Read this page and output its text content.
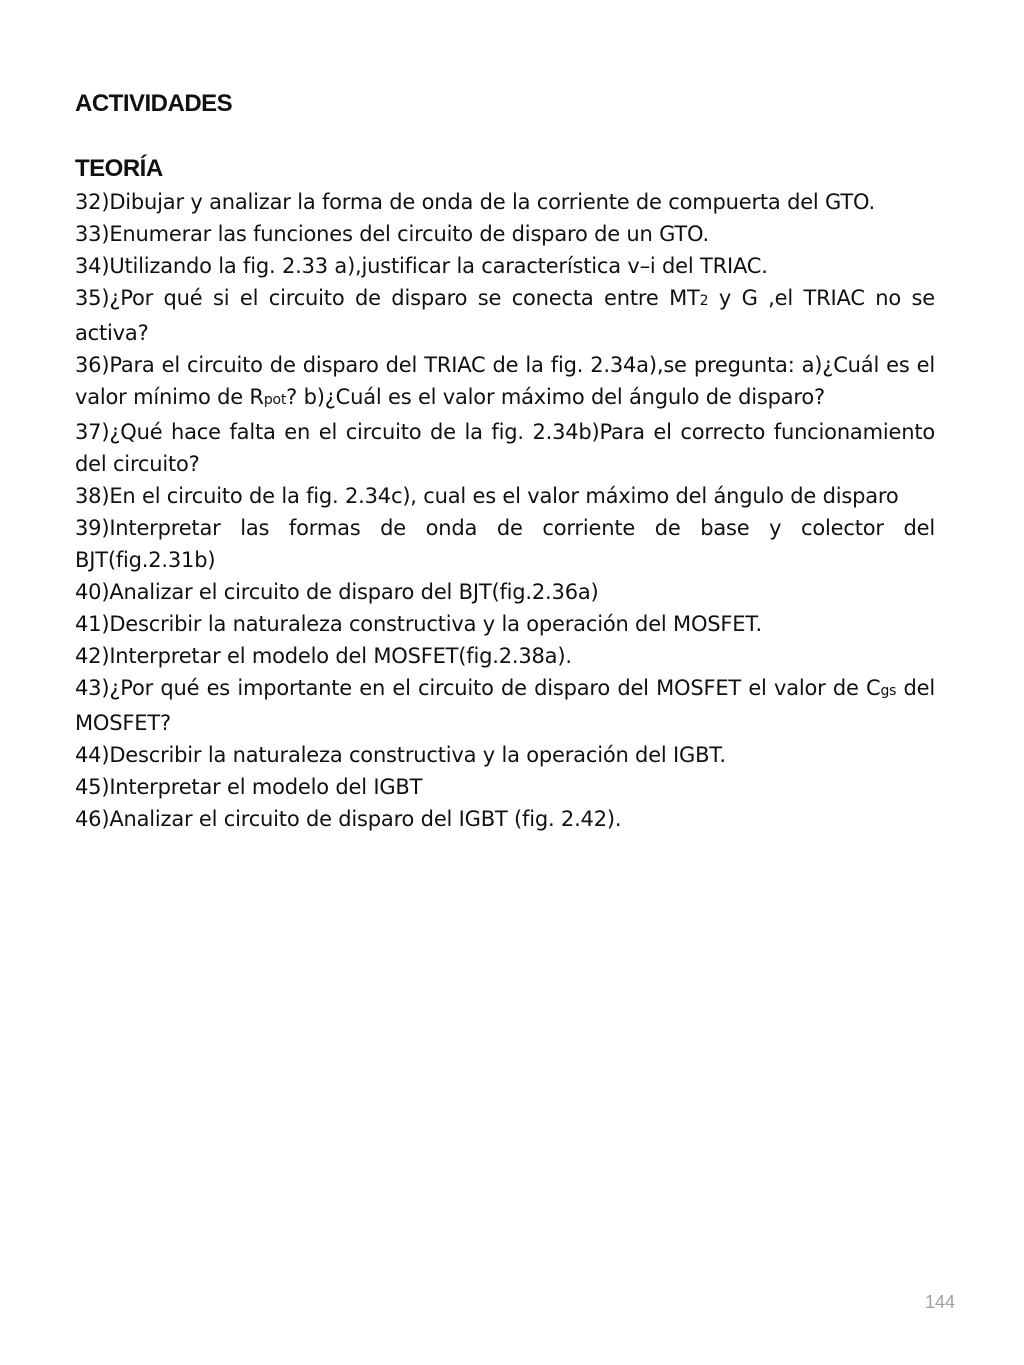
ACTIVIDADES
TEORÍA
32)Dibujar y analizar la forma de onda de la corriente de compuerta del GTO.
33)Enumerar las funciones del circuito de disparo de un GTO.
34)Utilizando la fig. 2.33 a),justificar la característica v–i del TRIAC.
35)¿Por qué si el circuito de disparo se conecta entre MT2 y G ,el TRIAC no se activa?
36)Para el circuito de disparo del TRIAC de la fig. 2.34a),se pregunta: a)¿Cuál es el valor mínimo de Rpot? b)¿Cuál es el valor máximo del ángulo de disparo?
37)¿Qué hace falta en el circuito de la fig. 2.34b)Para el correcto funcionamiento del circuito?
38)En el circuito de la fig. 2.34c), cual es el valor máximo del ángulo de disparo
39)Interpretar las formas de onda de corriente de base y colector del BJT(fig.2.31b)
40)Analizar el circuito de disparo del BJT(fig.2.36a)
41)Describir la naturaleza constructiva y la operación del MOSFET.
42)Interpretar el modelo del MOSFET(fig.2.38a).
43)¿Por qué es importante en el circuito de disparo del MOSFET el valor de Cgs del MOSFET?
44)Describir la naturaleza constructiva y la operación del IGBT.
45)Interpretar el modelo del IGBT
46)Analizar el circuito de disparo del IGBT (fig. 2.42).
144
